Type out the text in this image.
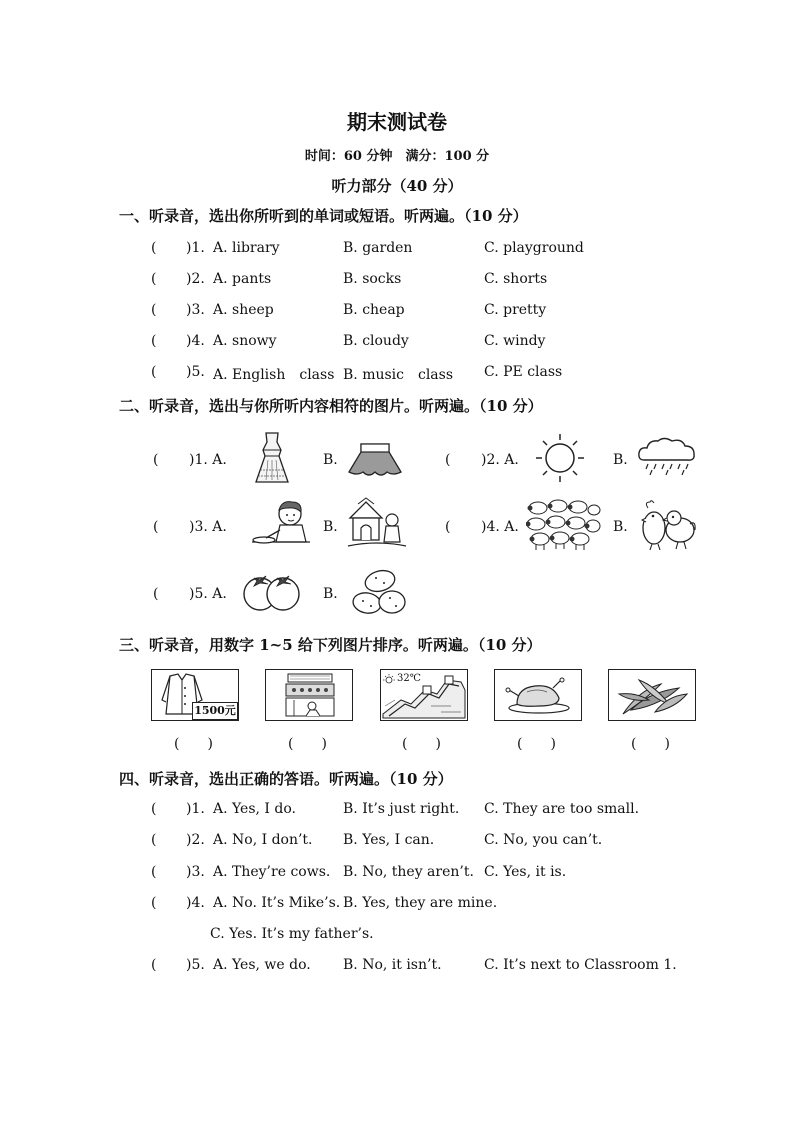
期末测试卷
时间：60 分钟　满分：100 分
听力部分（40 分）
一、听录音，选出你所听到的单词或短语。听两遍。（10 分）
( )1. A. library	B. garden	C. playground
( )2. A. pants	B. socks	C. shorts
( )3. A. sheep	B. cheap	C. pretty
( )4. A. snowy	B. cloudy	C. windy
( )5. A. English　class B. music　class C. PE class
二、听录音，选出与你所听内容相符的图片。听两遍。（10 分）
( )1. A.	B.	( )2. A.	B.
( )3. A.	B.	( )4. A.	B.
( )5. A.	B.
三、听录音，用数字 1~5 给下列图片排序。听两遍。（10 分）
1500元
32℃
(　　)	(　　)	(　　)	(　　)	(　　)
四、听录音，选出正确的答语。听两遍。（10 分）
( )1. A. Yes, I do.	B. It’s just right. C. They are too small.
( )2. A. No, I don’t. B. Yes, I can.	C. No, you can’t.
( )3. A. They’re cows. B. No, they aren’t. C. Yes, it is.
( )4. A. No. It’s Mike’s. B. Yes, they are mine.
C. Yes. It’s my father’s.
( )5. A. Yes, we do. B. No, it isn’t.	C. It’s next to Classroom 1.
